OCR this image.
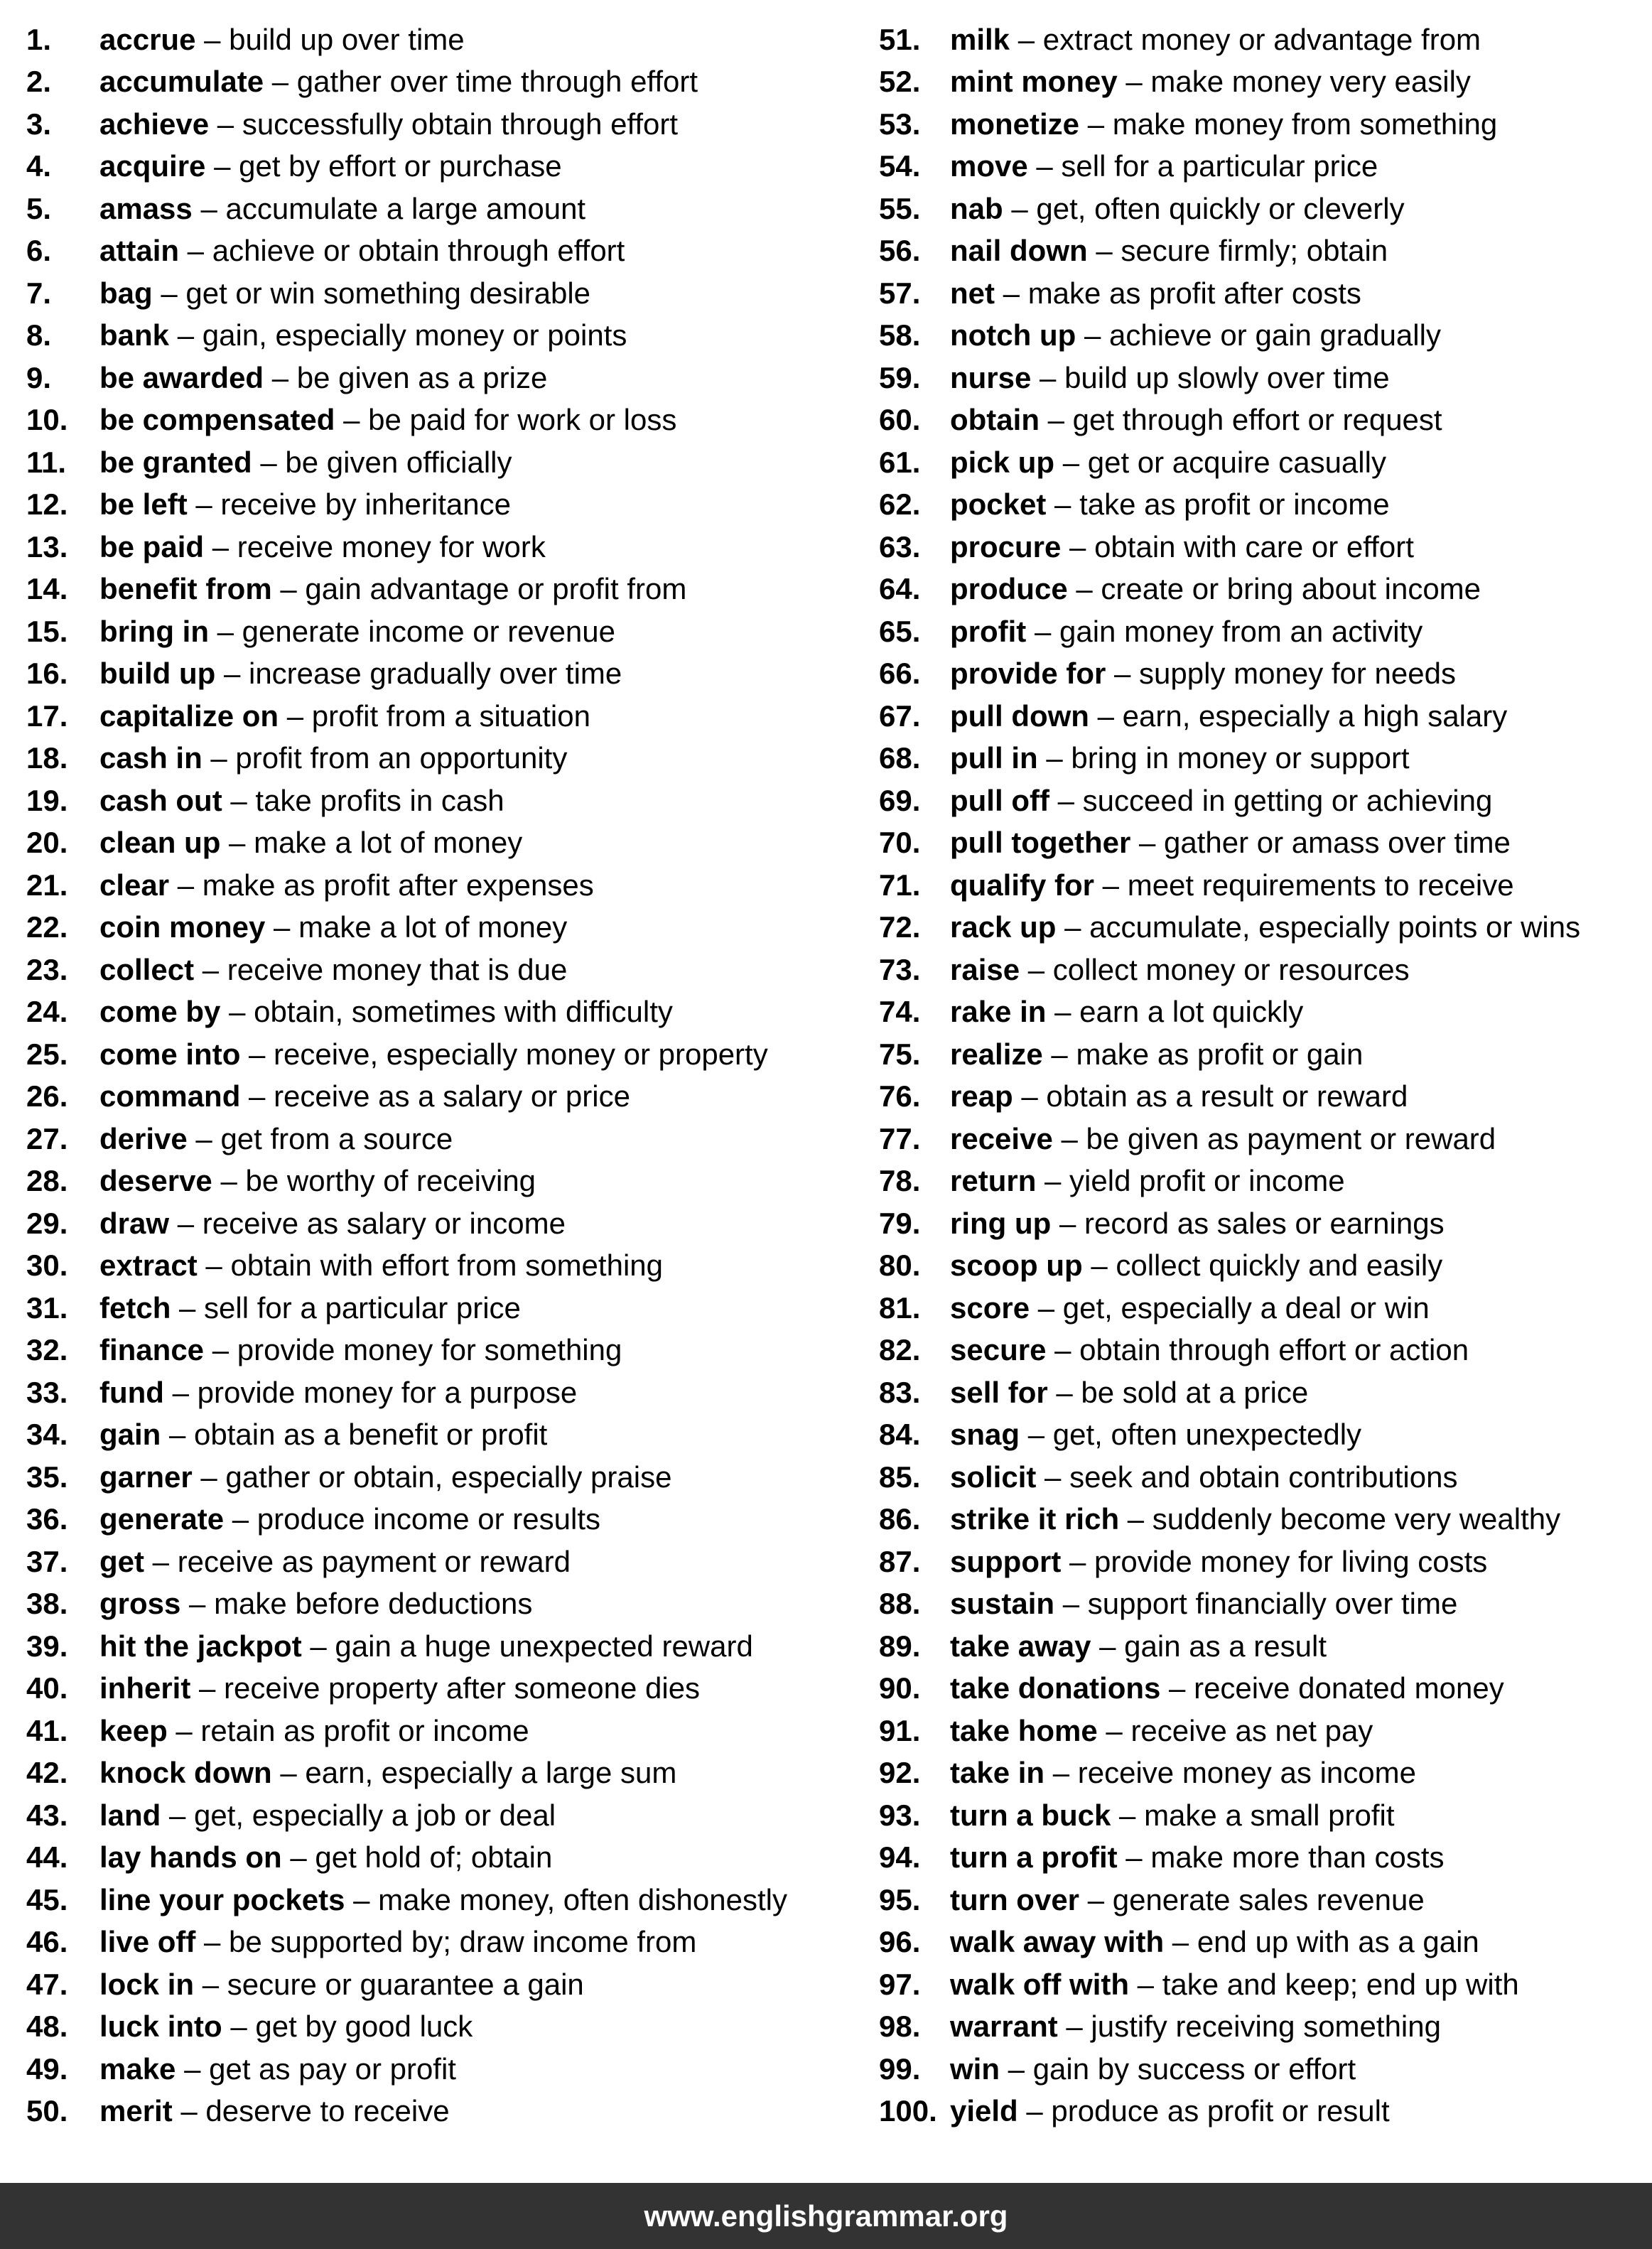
1.	accrue – build up over time
2.	accumulate – gather over time through effort
3.	achieve – successfully obtain through effort
4.	acquire – get by effort or purchase
5.	amass – accumulate a large amount
6.	attain – achieve or obtain through effort
7.	bag – get or win something desirable
8.	bank – gain, especially money or points
9.	be awarded – be given as a prize
10.	be compensated – be paid for work or loss
11.	be granted – be given officially
12.	be left – receive by inheritance
13.	be paid – receive money for work
14.	benefit from – gain advantage or profit from
15.	bring in – generate income or revenue
16.	build up – increase gradually over time
17.	capitalize on – profit from a situation
18.	cash in – profit from an opportunity
19.	cash out – take profits in cash
20.	clean up – make a lot of money
21.	clear – make as profit after expenses
22.	coin money – make a lot of money
23.	collect – receive money that is due
24.	come by – obtain, sometimes with difficulty
25.	come into – receive, especially money or property
26.	command – receive as a salary or price
27.	derive – get from a source
28.	deserve – be worthy of receiving
29.	draw – receive as salary or income
30.	extract – obtain with effort from something
31.	fetch – sell for a particular price
32.	finance – provide money for something
33.	fund – provide money for a purpose
34.	gain – obtain as a benefit or profit
35.	garner – gather or obtain, especially praise
36.	generate – produce income or results
37.	get – receive as payment or reward
38.	gross – make before deductions
39.	hit the jackpot – gain a huge unexpected reward
40.	inherit – receive property after someone dies
41.	keep – retain as profit or income
42.	knock down – earn, especially a large sum
43.	land – get, especially a job or deal
44.	lay hands on – get hold of; obtain
45.	line your pockets – make money, often dishonestly
46.	live off – be supported by; draw income from
47.	lock in – secure or guarantee a gain
48.	luck into – get by good luck
49.	make – get as pay or profit
50.	merit – deserve to receive
51. milk – extract money or advantage from
52. mint money – make money very easily
53. monetize – make money from something
54. move – sell for a particular price
55. nab – get, often quickly or cleverly
56. nail down – secure firmly; obtain
57. net – make as profit after costs
58. notch up – achieve or gain gradually
59. nurse – build up slowly over time
60. obtain – get through effort or request
61. pick up – get or acquire casually
62. pocket – take as profit or income
63. procure – obtain with care or effort
64. produce – create or bring about income
65. profit – gain money from an activity
66. provide for – supply money for needs
67. pull down – earn, especially a high salary
68. pull in – bring in money or support
69. pull off – succeed in getting or achieving
70. pull together – gather or amass over time
71. qualify for – meet requirements to receive
72. rack up – accumulate, especially points or wins
73. raise – collect money or resources
74. rake in – earn a lot quickly
75. realize – make as profit or gain
76. reap – obtain as a result or reward
77. receive – be given as payment or reward
78. return – yield profit or income
79. ring up – record as sales or earnings
80. scoop up – collect quickly and easily
81. score – get, especially a deal or win
82. secure – obtain through effort or action
83. sell for – be sold at a price
84. snag – get, often unexpectedly
85. solicit – seek and obtain contributions
86. strike it rich – suddenly become very wealthy
87. support – provide money for living costs
88. sustain – support financially over time
89. take away – gain as a result
90. take donations – receive donated money
91. take home – receive as net pay
92. take in – receive money as income
93. turn a buck – make a small profit
94. turn a profit – make more than costs
95. turn over – generate sales revenue
96. walk away with – end up with as a gain
97. walk off with – take and keep; end up with
98. warrant – justify receiving something
99. win – gain by success or effort
100. yield – produce as profit or result
www.englishgrammar.org
